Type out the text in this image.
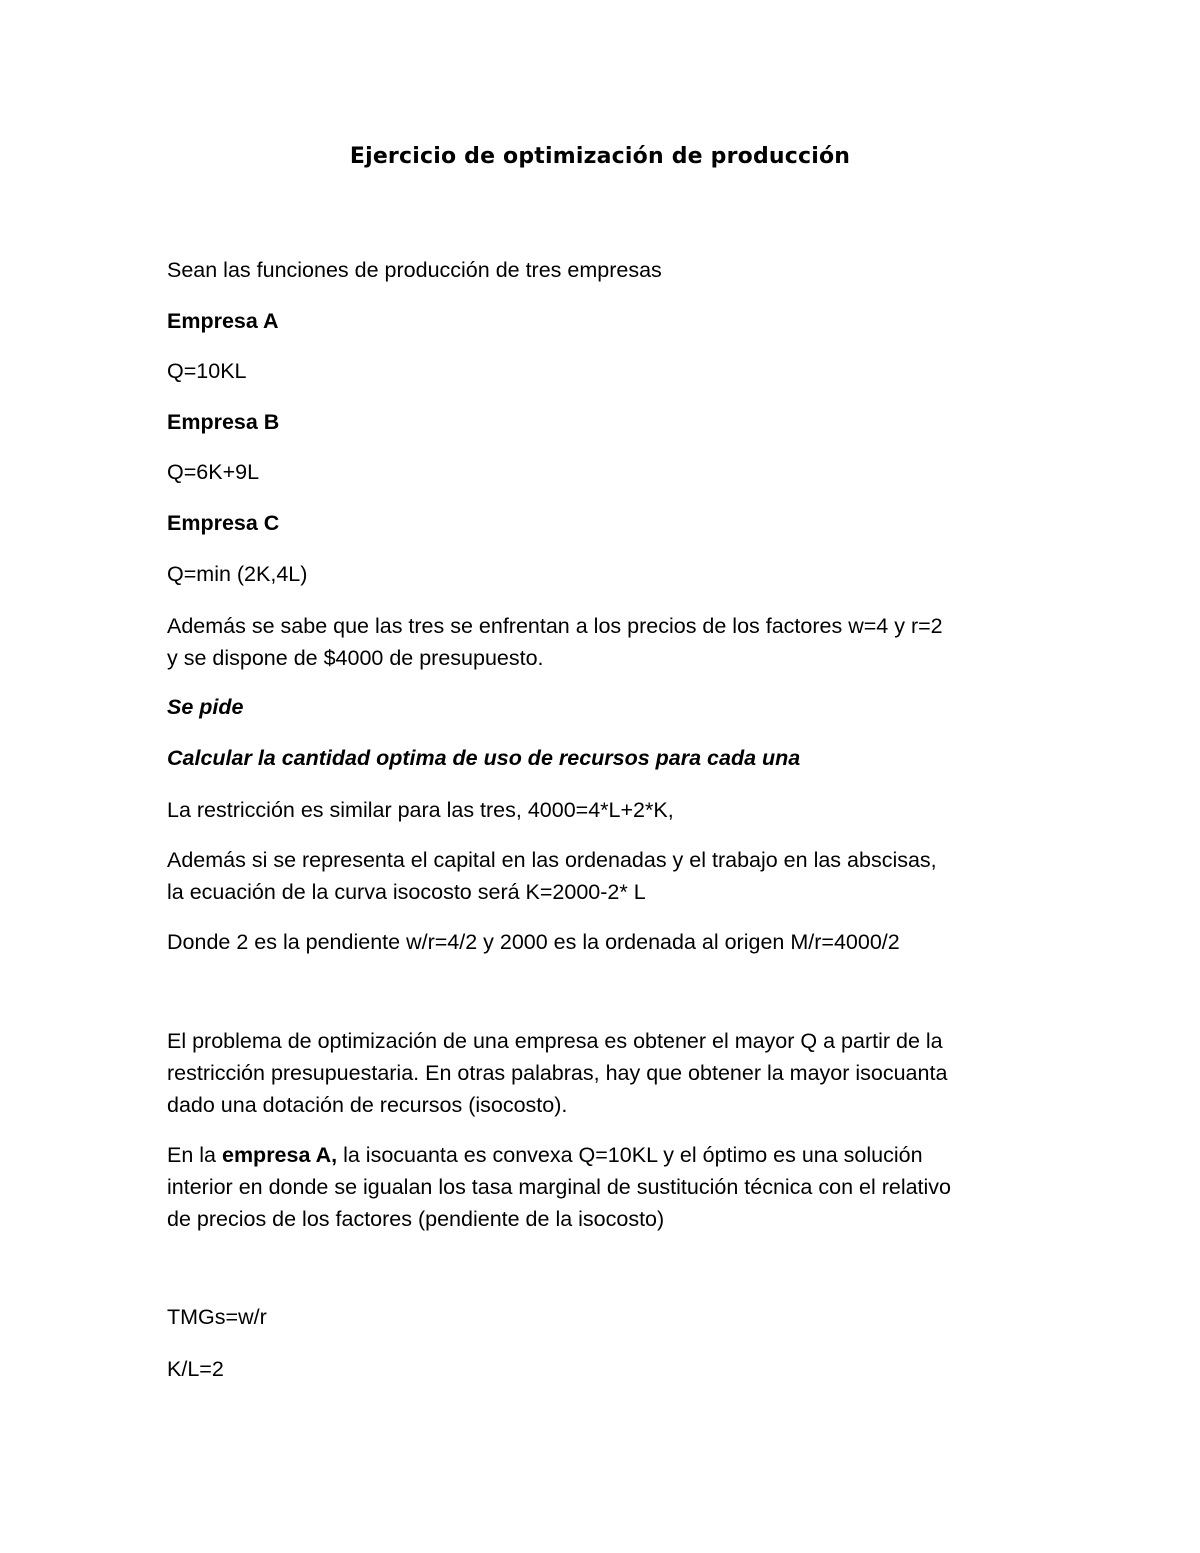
Ejercicio de optimización de producción
Sean las funciones de producción de tres empresas
Empresa A
Q=10KL
Empresa B
Q=6K+9L
Empresa C
Q=min (2K,4L)
Además se sabe que las tres se enfrentan a los precios de los factores w=4 y r=2
y se dispone de $4000 de presupuesto.
Se pide
Calcular la cantidad optima de uso de recursos para cada una
La restricción es similar para las tres, 4000=4*L+2*K,
Además si se representa el capital en las ordenadas y el trabajo en las abscisas,
la ecuación de la curva isocosto será K=2000-2* L
Donde 2 es la pendiente w/r=4/2 y 2000 es la ordenada al origen M/r=4000/2
El problema de optimización de una empresa es obtener el mayor Q a partir de la
restricción presupuestaria. En otras palabras, hay que obtener la mayor isocuanta
dado una dotación de recursos (isocosto).
En la empresa A, la isocuanta es convexa Q=10KL y el óptimo es una solución
interior en donde se igualan los tasa marginal de sustitución técnica con el relativo
de precios de los factores (pendiente de la isocosto)
TMGs=w/r
K/L=2
